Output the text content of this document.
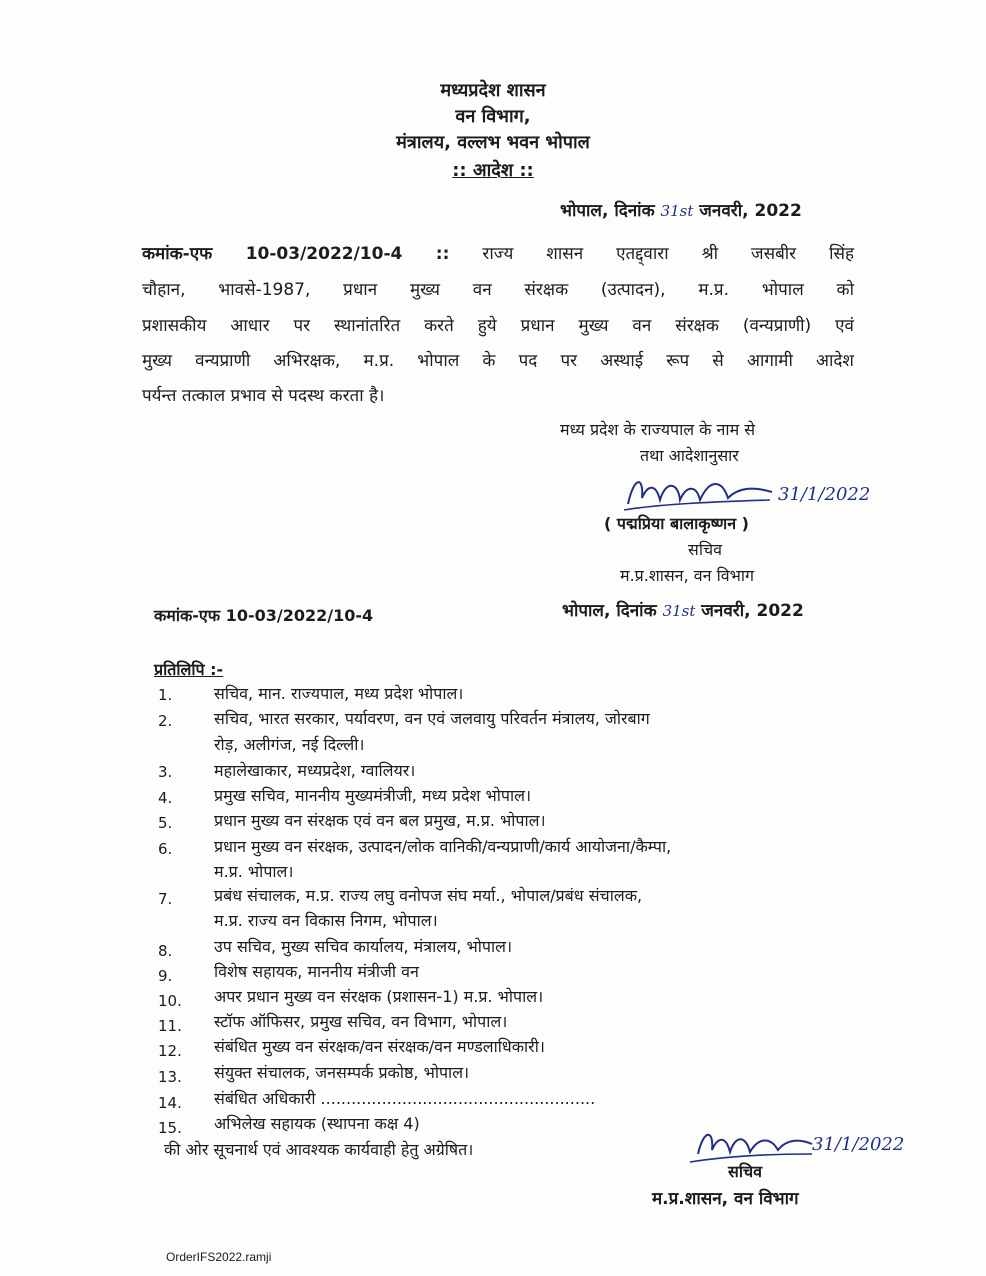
मध्यप्रदेश शासन
वन विभाग,
मंत्रालय, वल्लभ भवन भोपाल
:: आदेश ::
भोपाल, दिनांक 31st जनवरी, 2022
कमांक-एफ 10-03/2022/10-4 :: राज्य शासन एतद्द्वारा श्री जसबीर सिंह
चौहान, भावसे-1987, प्रधान मुख्य वन संरक्षक (उत्पादन), म.प्र. भोपाल को
प्रशासकीय आधार पर स्थानांतरित करते हुये प्रधान मुख्य वन संरक्षक (वन्यप्राणी) एवं
मुख्य वन्यप्राणी अभिरक्षक, म.प्र. भोपाल के पद पर अस्थाई रूप से आगामी आदेश
पर्यन्त तत्काल प्रभाव से पदस्थ करता है।
मध्य प्रदेश के राज्यपाल के नाम से
तथा आदेशानुसार
31/1/2022
( पद्मप्रिया बालाकृष्णन )
सचिव
म.प्र.शासन, वन विभाग
कमांक-एफ 10-03/2022/10-4	भोपाल, दिनांक 31st जनवरी, 2022
प्रतिलिपि :-
1.	सचिव, मान. राज्यपाल, मध्य प्रदेश भोपाल।
2.	सचिव, भारत सरकार, पर्यावरण, वन एवं जलवायु परिवर्तन मंत्रालय, जोरबाग
रोड़, अलीगंज, नई दिल्ली।
3.	महालेखाकार, मध्यप्रदेश, ग्वालियर।
4.	प्रमुख सचिव, माननीय मुख्यमंत्रीजी, मध्य प्रदेश भोपाल।
5.	प्रधान मुख्य वन संरक्षक एवं वन बल प्रमुख, म.प्र. भोपाल।
6.	प्रधान मुख्य वन संरक्षक, उत्पादन/लोक वानिकी/वन्यप्राणी/कार्य आयोजना/कैम्पा,
म.प्र. भोपाल।
7.	प्रबंध संचालक, म.प्र. राज्य लघु वनोपज संघ मर्या., भोपाल/प्रबंध संचालक,
म.प्र. राज्य वन विकास निगम, भोपाल।
8.	उप सचिव, मुख्य सचिव कार्यालय, मंत्रालय, भोपाल।
9.	विशेष सहायक, माननीय मंत्रीजी वन
10. अपर प्रधान मुख्य वन संरक्षक (प्रशासन-1) म.प्र. भोपाल।
11. स्टॉफ ऑफिसर, प्रमुख सचिव, वन विभाग, भोपाल।
12. संबंधित मुख्य वन संरक्षक/वन संरक्षक/वन मण्डलाधिकारी।
13. संयुक्त संचालक, जनसम्पर्क प्रकोष्ठ, भोपाल।
14. संबंधित अधिकारी ......................................................
15. अभिलेख सहायक (स्थापना कक्ष 4)
की ओर सूचनार्थ एवं आवश्यक कार्यवाही हेतु अग्रेषित।	31/1/2022
सचिव
म.प्र.शासन, वन विभाग
OrderIFS2022.ramji
